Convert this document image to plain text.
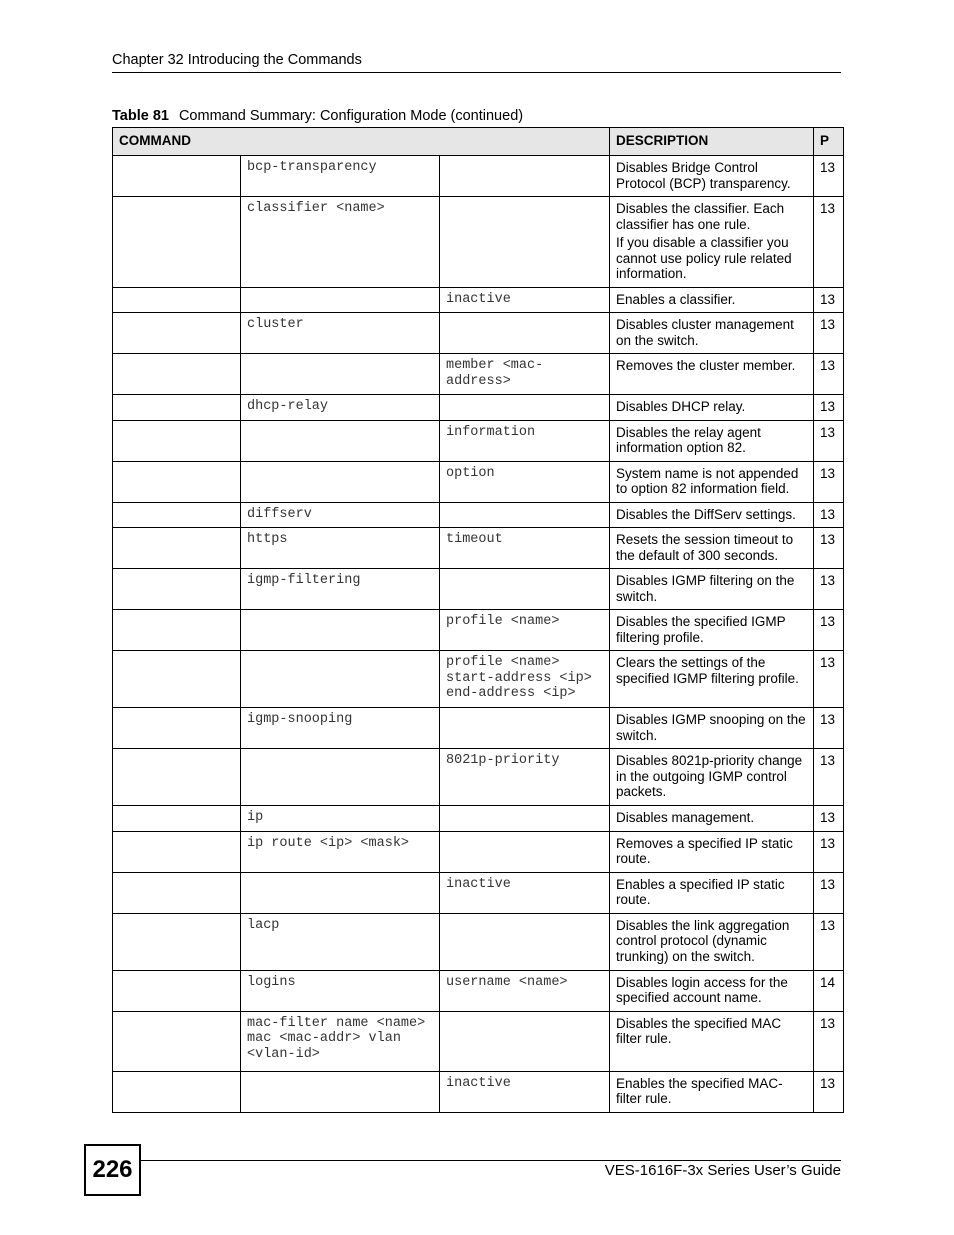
Chapter 32 Introducing the Commands
Table 81 Command Summary: Configuration Mode (continued)
COMMAND			DESCRIPTION	P
	bcp-transparency		Disables Bridge Control Protocol (BCP) transparency.	13
	classifier <name>		Disables the classifier. Each classifier has one rule.

If you disable a classifier you cannot use policy rule related information.	13
		inactive	Enables a classifier.	13
	cluster		Disables cluster management on the switch.	13
		member <mac-address>	Removes the cluster member.	13
	dhcp-relay		Disables DHCP relay.	13
		information	Disables the relay agent information option 82.	13
		option	System name is not appended to option 82 information field.	13
	diffserv		Disables the DiffServ settings.	13
	https	timeout	Resets the session timeout to the default of 300 seconds.	13
	igmp-filtering		Disables IGMP filtering on the switch.	13
		profile <name>	Disables the specified IGMP filtering profile.	13
		profile <name> start-address <ip> end-address <ip>	Clears the settings of the specified IGMP filtering profile.	13
	igmp-snooping		Disables IGMP snooping on the switch.	13
		8021p-priority	Disables 8021p-priority change in the outgoing IGMP control packets.	13
	ip		Disables management.	13
	ip route <ip> <mask>		Removes a specified IP static route.	13
		inactive	Enables a specified IP static route.	13
	lacp		Disables the link aggregation control protocol (dynamic trunking) on the switch.	13
	logins	username <name>	Disables login access for the specified account name.	14
	mac-filter name <name> mac <mac-addr> vlan <vlan-id>		Disables the specified MAC filter rule.	13
		inactive	Enables the specified MAC-filter rule.	13
226	VES-1616F-3x Series User’s Guide
